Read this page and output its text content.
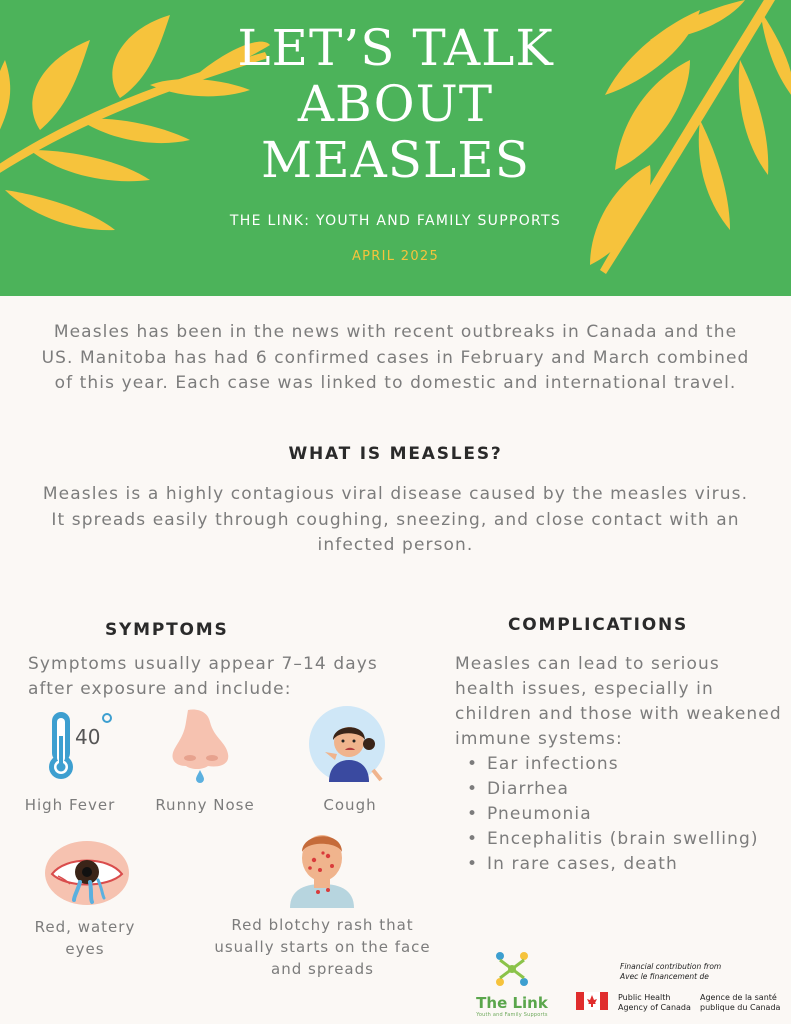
LET’S TALK
ABOUT
MEASLES
THE LINK: YOUTH AND FAMILY SUPPORTS
APRIL 2025

Measles has been in the news with recent outbreaks in Canada and the US. Manitoba has had 6 confirmed cases in February and March combined of this year. Each case was linked to domestic and international travel.

WHAT IS MEASLES?

Measles is a highly contagious viral disease caused by the measles virus. It spreads easily through coughing, sneezing, and close contact with an infected person.

SYMPTOMS

Symptoms usually appear 7–14 days after exposure and include:

40
High Fever	Runny Nose	Cough
Red, watery eyes
Red blotchy rash that usually starts on the face and spreads
COMPLICATIONS

Measles can lead to serious health issues, especially in children and those with weakened immune systems:

• Ear infections
• Diarrhea
• Pneumonia
• Encephalitis (brain swelling)
• In rare cases, death
The Link
Youth and Family Supports
Financial contribution from
Avec le financement de
Public Health
Agency of Canada
Agence de la santé
publique du Canada
